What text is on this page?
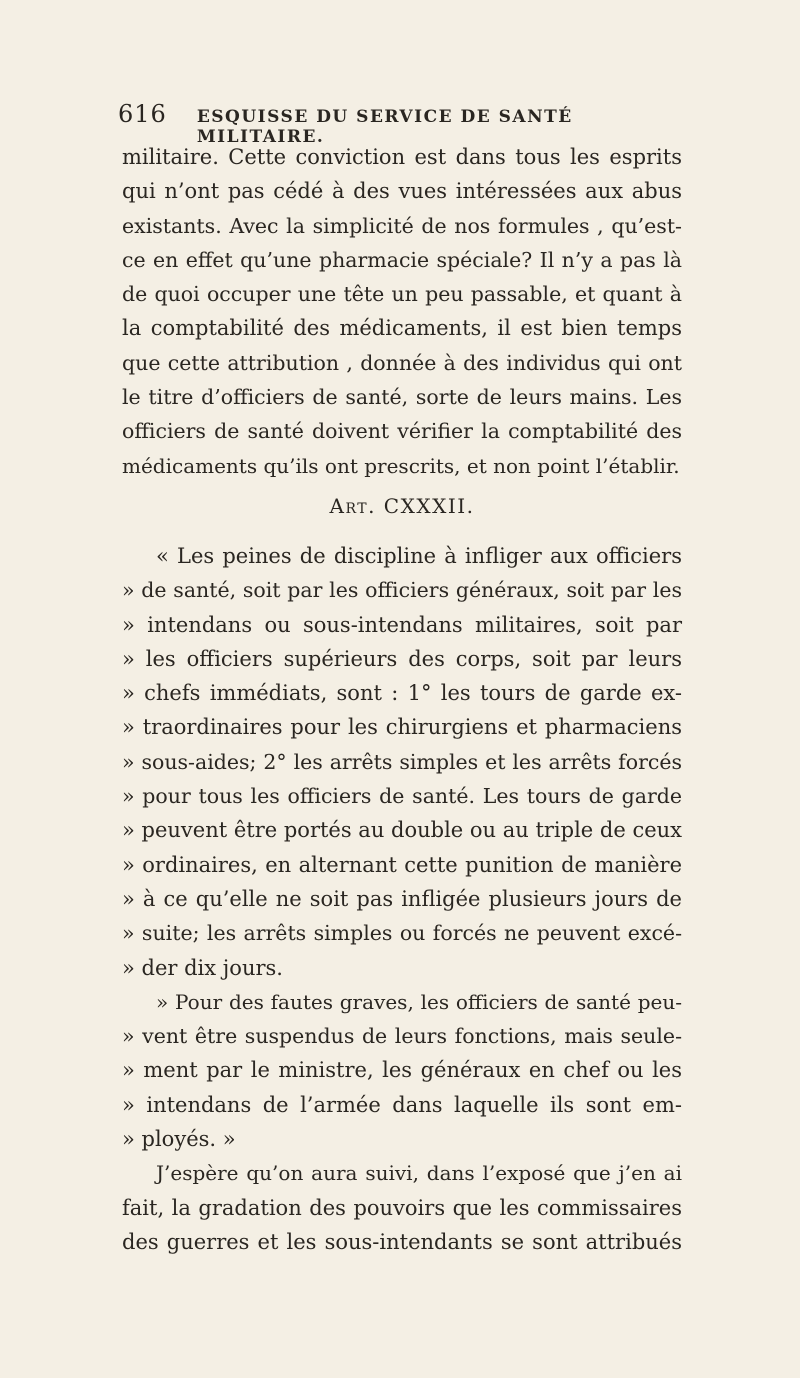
616 ESQUISSE DU SERVICE DE SANTÉ MILITAIRE.
militaire. Cette conviction est dans tous les esprits
qui n’ont pas cédé à des vues intéressées aux abus
existants. Avec la simplicité de nos formules , qu’est-
ce en effet qu’une pharmacie spéciale? Il n’y a pas là
de quoi occuper une tête un peu passable, et quant à
la comptabilité des médicaments, il est bien temps
que cette attribution , donnée à des individus qui ont
le titre d’officiers de santé, sorte de leurs mains. Les
officiers de santé doivent vérifier la comptabilité des
médicaments qu’ils ont prescrits, et non point l’établir.
Art. CXXXII.
« Les peines de discipline à infliger aux officiers
» de santé, soit par les officiers généraux, soit par les
» intendans ou sous-intendans militaires, soit par
» les officiers supérieurs des corps, soit par leurs
» chefs immédiats, sont : 1° les tours de garde ex-
» traordinaires pour les chirurgiens et pharmaciens
» sous-aides; 2° les arrêts simples et les arrêts forcés
» pour tous les officiers de santé. Les tours de garde
» peuvent être portés au double ou au triple de ceux
» ordinaires, en alternant cette punition de manière
» à ce qu’elle ne soit pas infligée plusieurs jours de
» suite; les arrêts simples ou forcés ne peuvent excé-
» der dix jours.
» Pour des fautes graves, les officiers de santé peu-
» vent être suspendus de leurs fonctions, mais seule-
» ment par le ministre, les généraux en chef ou les
» intendans de l’armée dans laquelle ils sont em-
» ployés. »
J’espère qu’on aura suivi, dans l’exposé que j’en ai
fait, la gradation des pouvoirs que les commissaires
des guerres et les sous-intendants se sont attribués
